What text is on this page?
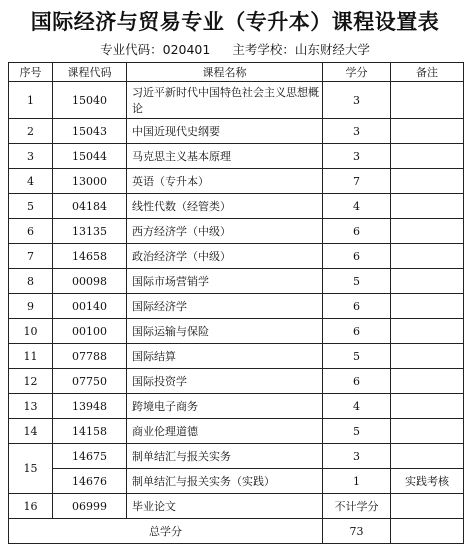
国际经济与贸易专业（专升本）课程设置表
专业代码：020401 主考学校：山东财经大学
序号	课程代码	课程名称	学分	备注
1	15040	习近平新时代中国特色社会主义思想概论	3	
2	15043	中国近现代史纲要	3	
3	15044	马克思主义基本原理	3	
4	13000	英语（专升本）	7	
5	04184	线性代数（经管类）	4	
6	13135	西方经济学（中级）	6	
7	14658	政治经济学（中级）	6	
8	00098	国际市场营销学	5	
9	00140	国际经济学	6	
10	00100	国际运输与保险	6	
11	07788	国际结算	5	
12	07750	国际投资学	6	
13	13948	跨境电子商务	4	
14	14158	商业伦理道德	5	
15	14675	制单结汇与报关实务	3	
	14676	制单结汇与报关实务（实践）	1	实践考核
16	06999	毕业论文	不计学分	
总学分			73	
